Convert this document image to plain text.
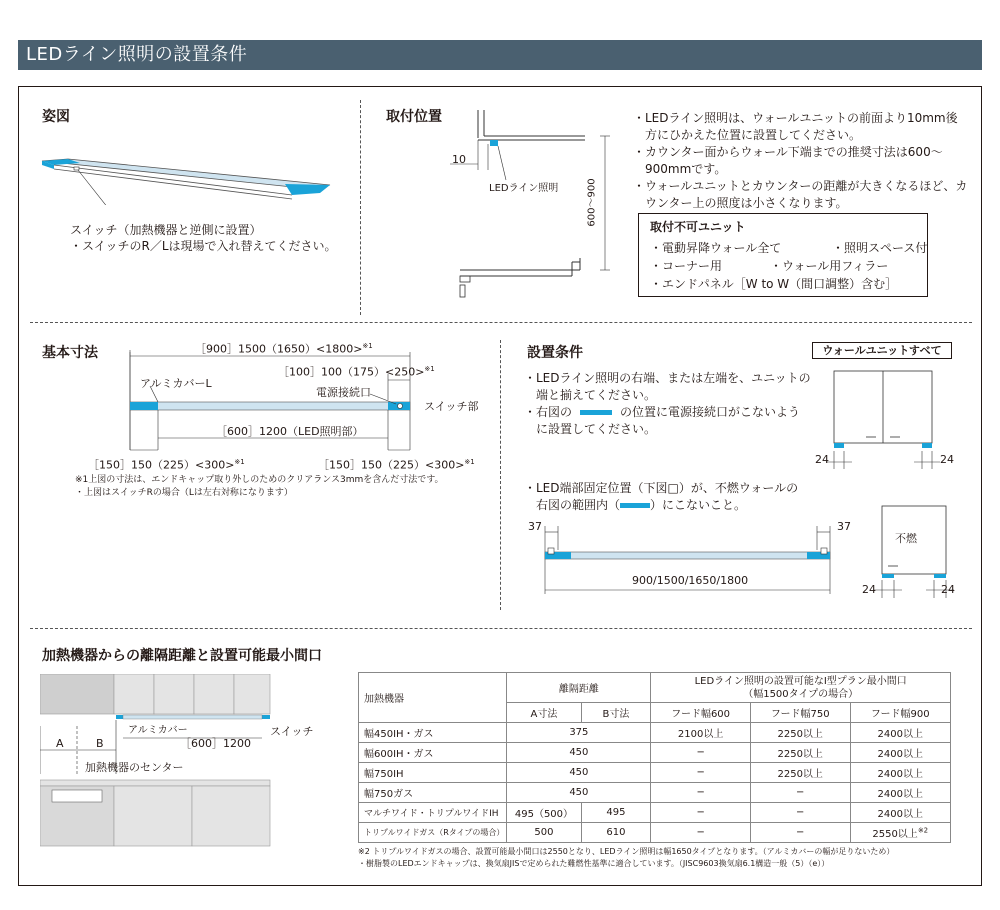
LEDライン照明の設置条件
姿図
スイッチ（加熱機器と逆側に設置）
・スイッチのR／Lは現場で入れ替えてください。
取付位置
10
LEDライン照明	600〜900
・LEDライン照明は、ウォールユニットの前面より10mm後
　方にひかえた位置に設置してください。
・カウンター面からウォール下端までの推奨寸法は600〜
　900mmです。
・ウォールユニットとカウンターの距離が大きくなるほど、カ
　ウンター上の照度は小さくなります。
取付不可ユニット
・電動昇降ウォール全て	・照明スペース付
・コーナー用	・ウォール用フィラー
・エンドパネル［W to W（間口調整）含む］
基本寸法	［900］1500（1650）<1800>$^{※1}$
［100］100（175）<250>$^{※1}$
アルミカバーL
電源接続口
スイッチ部
［600］1200（LED照明部）
［150］150（225）<300>$^{※1}$	［150］150（225）<300>$^{※1}$
※1上図の寸法は、エンドキャップ取り外しのためのクリアランス3mmを含んだ寸法です。
・上図はスイッチRの場合（Lは左右対称になります）
設置条件	ウォールユニットすべて
・LEDライン照明の右端、または左端を、ユニットの
　端と揃えてください。
・右図の	の位置に電源接続口がこないよう
　に設置してください。
24	24
・LED端部固定位置（下図□）が、不燃ウォールの
　右図の範囲内（	）にこないこと。
37	37
900/1500/1650/1800
不燃
24	24
加熱機器からの離隔距離と設置可能最小間口
A	B
アルミカバー
［600］1200
スイッチ
加熱機器のセンター
加熱機器	離隔距離		LEDライン照明の設置可能なI型プラン最小間口
（幅1500タイプの場合）		

	A寸法	B寸法	フード幅600	フード幅750	フード幅900
幅450IH・ガス	375		2100以上	2250以上	2400以上
幅600IH・ガス	450		−	2250以上	2400以上
幅750IH	450		−	2250以上	2400以上
幅750ガス	450		−	−	2400以上
マルチワイド・トリプルワイドIH	495（500）	495	−	−	2400以上
トリプルワイドガス（Rタイプの場合）	500	610	−	−	2550以上$^{※2}$
※2 トリプルワイドガスの場合、設置可能最小間口は2550となり、LEDライン照明は幅1650タイプとなります。（アルミカバーの幅が足りないため）
・樹脂製のLEDエンドキャップは、換気扇JISで定められた難燃性基準に適合しています。（JISC9603換気扇6.1構造一般（5）（e））
